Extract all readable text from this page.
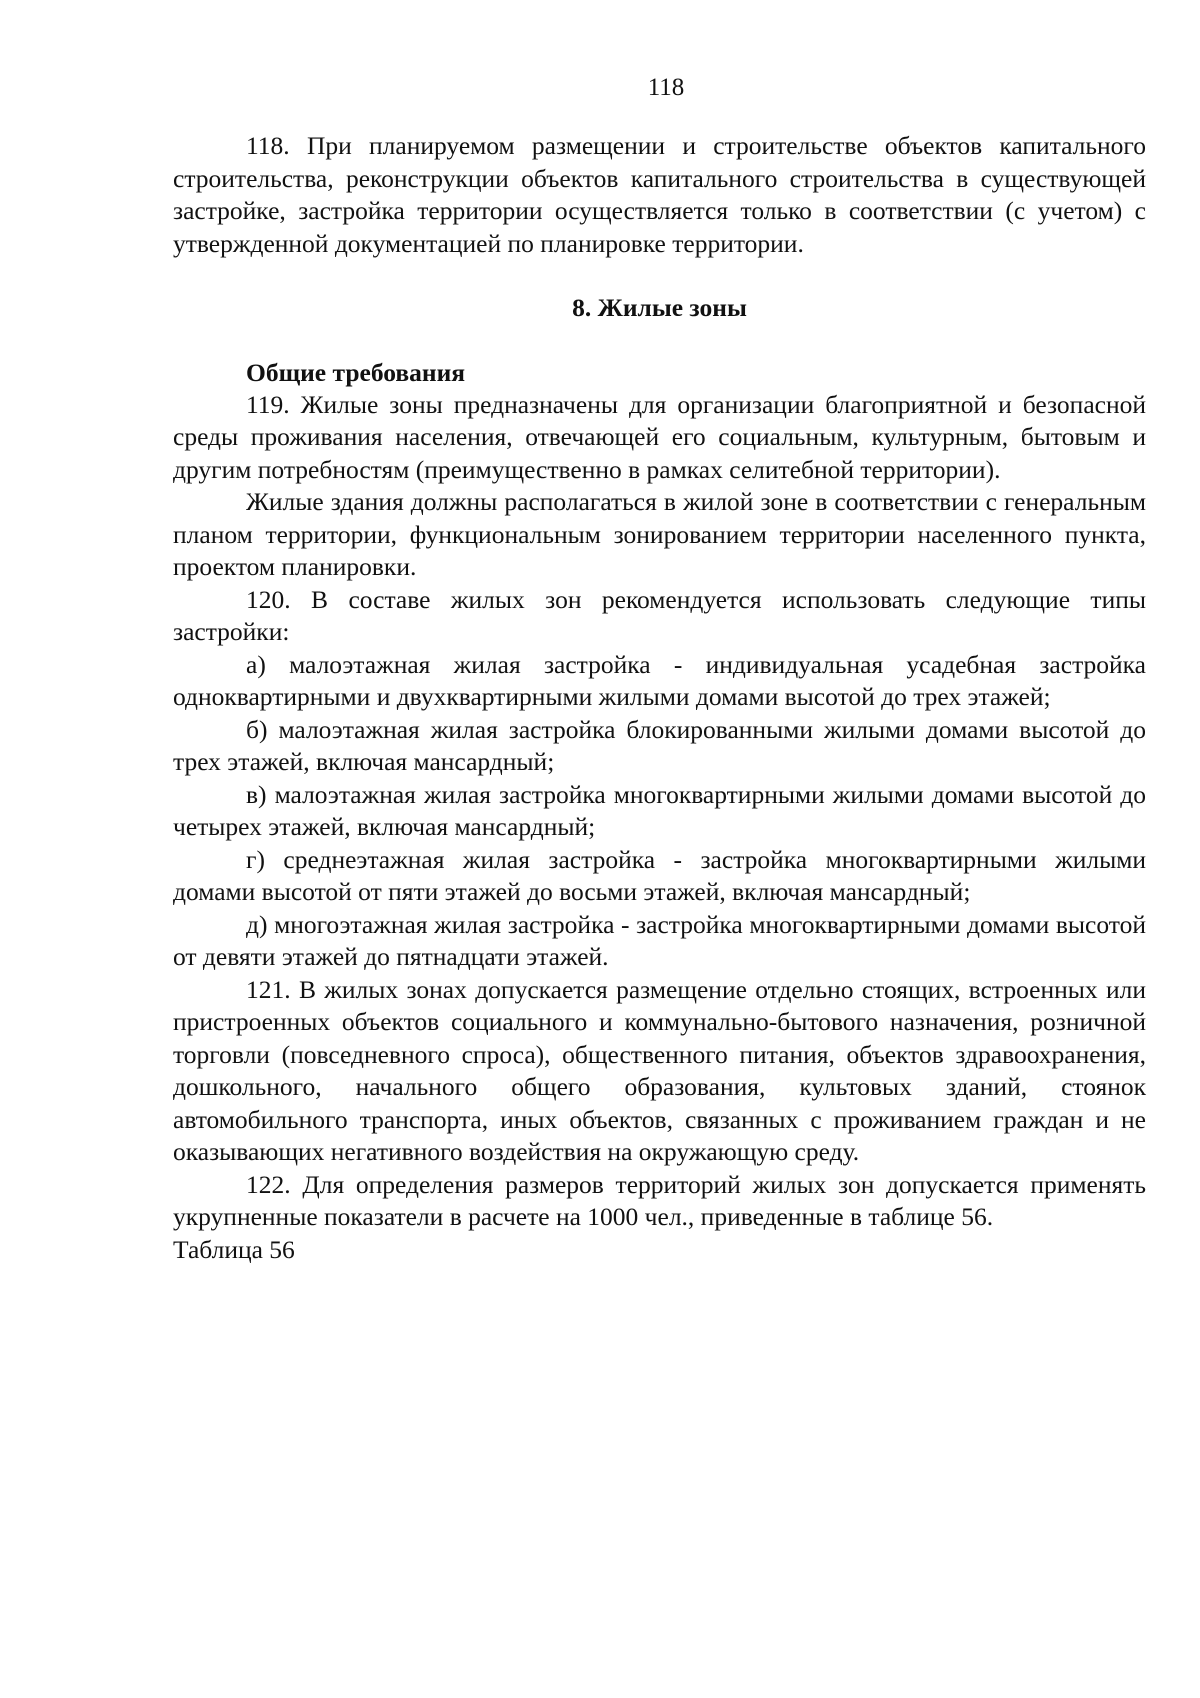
118

118. При планируемом размещении и строительстве объектов капитального строительства, реконструкции объектов капитального строительства в существующей застройке, застройка территории осуществляется только в соответствии (с учетом) с утвержденной документацией по планировке территории.

8. Жилые зоны

Общие требования

119. Жилые зоны предназначены для организации благоприятной и безопасной среды проживания населения, отвечающей его социальным, культурным, бытовым и другим потребностям (преимущественно в рамках селитебной территории).

Жилые здания должны располагаться в жилой зоне в соответствии с генеральным планом территории, функциональным зонированием территории населенного пункта, проектом планировки.

120. В составе жилых зон рекомендуется использовать следующие типы застройки:

а) малоэтажная жилая застройка - индивидуальная усадебная застройка одноквартирными и двухквартирными жилыми домами высотой до трех этажей;

б) малоэтажная жилая застройка блокированными жилыми домами высотой до трех этажей, включая мансардный;

в) малоэтажная жилая застройка многоквартирными жилыми домами высотой до четырех этажей, включая мансардный;

г) среднеэтажная жилая застройка - застройка многоквартирными жилыми домами высотой от пяти этажей до восьми этажей, включая мансардный;

д) многоэтажная жилая застройка - застройка многоквартирными домами высотой от девяти этажей до пятнадцати этажей.

121. В жилых зонах допускается размещение отдельно стоящих, встроенных или пристроенных объектов социального и коммунально-бытового назначения, розничной торговли (повседневного спроса), общественного питания, объектов здравоохранения, дошкольного, начального общего образования, культовых зданий, стоянок автомобильного транспорта, иных объектов, связанных с проживанием граждан и не оказывающих негативного воздействия на окружающую среду.

122. Для определения размеров территорий жилых зон допускается применять укрупненные показатели в расчете на 1000 чел., приведенные в таблице 56.

Таблица 56
